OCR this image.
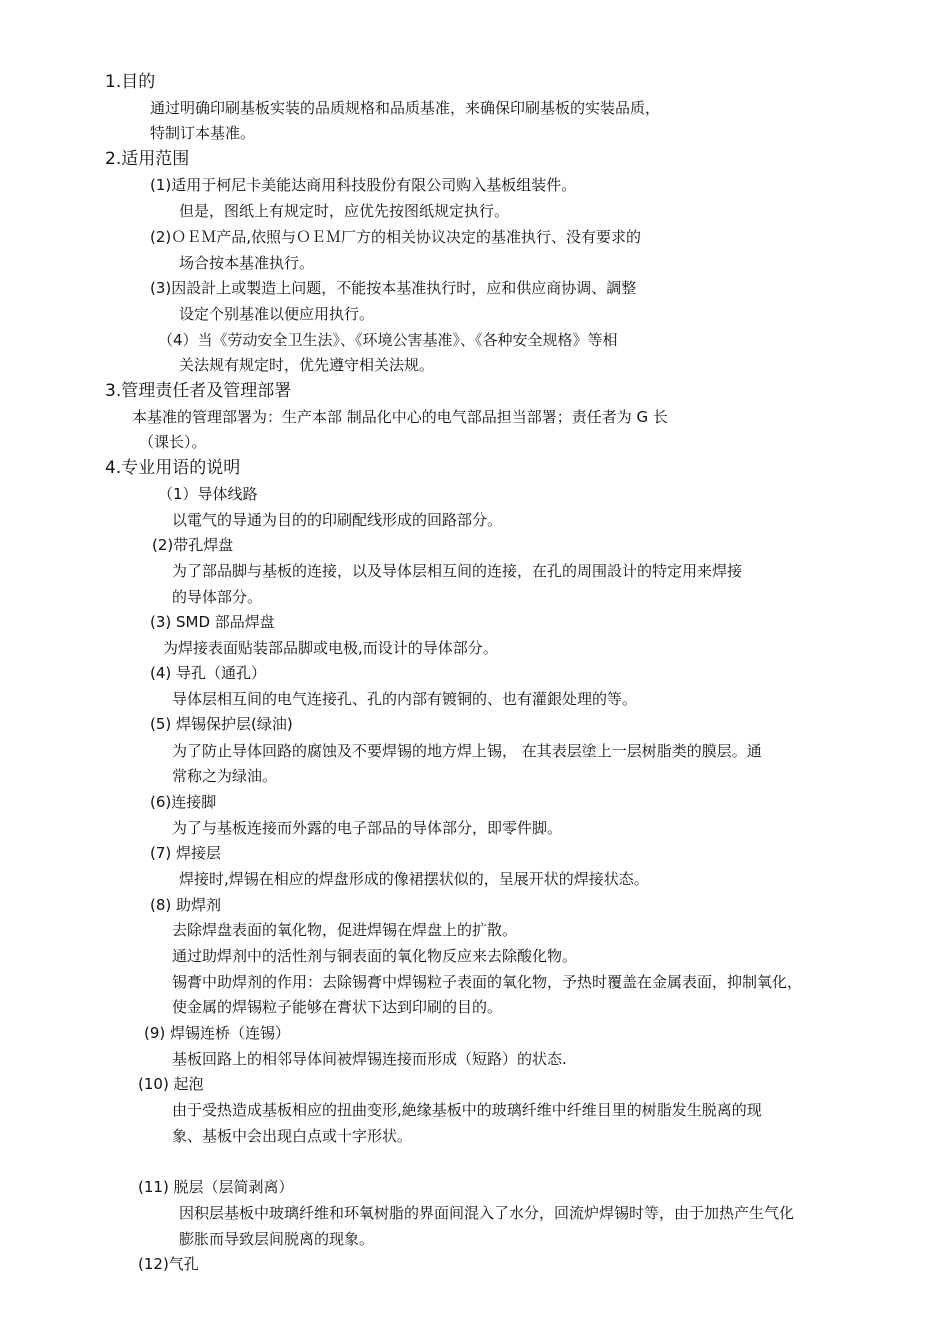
1.目的
通过明确印刷基板实装的品质规格和品质基准，来确保印刷基板的实装品质，
特制订本基准。
2.适用范围
(1)适用于柯尼卡美能达商用科技股份有限公司购入基板组装件。
但是，图纸上有规定时，应优先按图纸规定执行。
(2)ＯＥＭ产品,依照与ＯＥＭ厂方的相关协议决定的基准执行、没有要求的
场合按本基准执行。
(3)因設計上或製造上问题，不能按本基准执行时，应和供应商协调、調整
设定个别基准以便应用执行。
（4）当《劳动安全卫生法》、《环境公害基准》、《各种安全规格》等相
关法规有规定时，优先遵守相关法规。
3.管理责任者及管理部署
本基准的管理部署为：生产本部 制品化中心的电气部品担当部署；责任者为 G 长
（课长）。
4.专业用语的说明
（1）导体线路
以電气的导通为目的的印刷配线形成的回路部分。
(2)带孔焊盘
为了部品脚与基板的连接，以及导体层相互间的连接，在孔的周围設计的特定用来焊接
的导体部分。
(3) SMD 部品焊盘
为焊接表面贴装部品脚或电极,而设计的导体部分。
(4) 导孔（通孔）
导体层相互间的电气连接孔、孔的内部有镀铜的、也有灌銀处理的等。
(5) 焊锡保护层(绿油)
为了防止导体回路的腐蚀及不要焊锡的地方焊上锡， 在其表层塗上一层树脂类的膜层。通
常称之为绿油。
(6)连接脚
为了与基板连接而外露的电子部品的导体部分，即零件脚。
(7) 焊接层
焊接时,焊锡在相应的焊盘形成的像裙摆状似的，呈展开状的焊接状态。
(8) 助焊剂
去除焊盘表面的氧化物，促进焊锡在焊盘上的扩散。
通过助焊剂中的活性剂与铜表面的氧化物反应来去除酸化物。
锡膏中助焊剂的作用：去除锡膏中焊锡粒子表面的氧化物，予热时覆盖在金属表面，抑制氧化，
使金属的焊锡粒子能够在膏状下达到印刷的目的。
(9) 焊锡连桥（连锡）
基板回路上的相邻导体间被焊锡连接而形成（短路）的状态.
(10) 起泡
由于受热造成基板相应的扭曲变形,絶缘基板中的玻璃纤维中纤维目里的树脂发生脱离的现
象、基板中会出现白点或十字形状。
(11) 脱层（层简剥离）
因积层基板中玻璃纤维和环氧树脂的界面间混入了水分，回流炉焊锡时等，由于加热产生气化
膨胀而导致层间脱离的现象。
(12)气孔
